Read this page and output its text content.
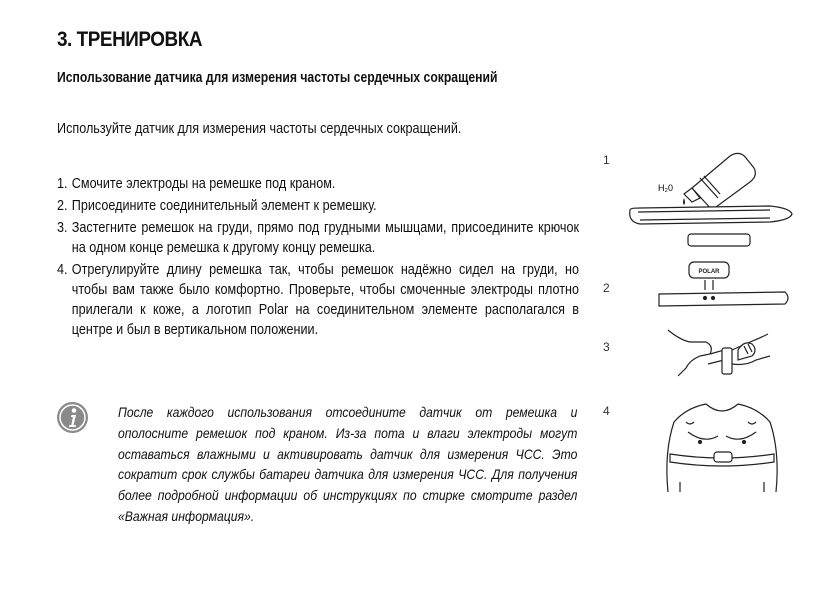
3. ТРЕНИРОВКА
Использование датчика для измерения частоты сердечных сокращений
Используйте датчик для измерения частоты сердечных сокращений.
1. Смочите электроды на ремешке под краном.
2. Присоедините соединительный элемент к ремешку.
3. Застегните ремешок на груди, прямо под грудными мышцами, присоедините крючок на одном конце ремешка к другому концу ремешка.
4. Отрегулируйте длину ремешка так, чтобы ремешок надёжно сидел на груди, но чтобы вам также было комфортно. Проверьте, чтобы смоченные электроды плотно прилегали к коже, а логотип Polar на соединительном элементе располагался в центре и был в вертикальном положении.
После каждого использования отсоедините датчик от ремешка и ополосните ремешок под краном. Из-за пота и влаги электроды могут оставаться влажными и активировать датчик для измерения ЧСС. Это сократит срок службы батареи датчика для измерения ЧСС. Для получения более подробной информации об инструкциях по стирке смотрите раздел «Важная информация».
1
2
3
4
H₂0
POLAR
